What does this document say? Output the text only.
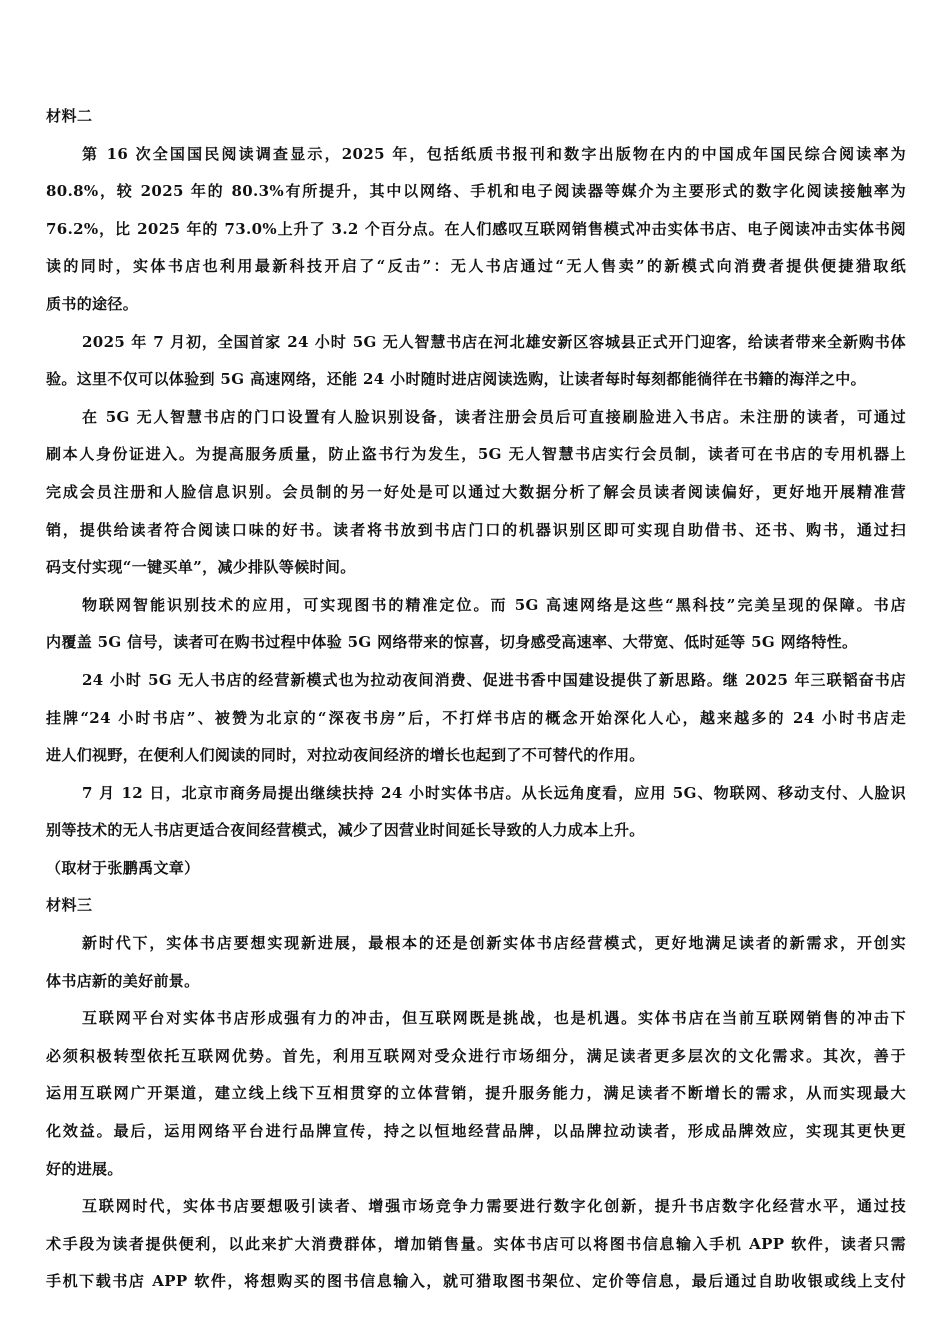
材料二
第 16 次全国国民阅读调查显示，2025 年，包括纸质书报刊和数字出版物在内的中国成年国民综合阅读率为
80.8%，较 2025 年的 80.3%有所提升，其中以网络、手机和电子阅读器等媒介为主要形式的数字化阅读接触率为
76.2%，比 2025 年的 73.0%上升了 3.2 个百分点。在人们感叹互联网销售模式冲击实体书店、电子阅读冲击实体书阅
读的同时，实体书店也利用最新科技开启了“反击”：无人书店通过“无人售卖”的新模式向消费者提供便捷猎取纸
质书的途径。
2025 年 7 月初，全国首家 24 小时 5G 无人智慧书店在河北雄安新区容城县正式开门迎客，给读者带来全新购书体
验。这里不仅可以体验到 5G 高速网络，还能 24 小时随时进店阅读选购，让读者每时每刻都能徜徉在书籍的海洋之中。
在 5G 无人智慧书店的门口设置有人脸识别设备，读者注册会员后可直接刷脸进入书店。未注册的读者，可通过
刷本人身份证进入。为提高服务质量，防止盗书行为发生，5G 无人智慧书店实行会员制，读者可在书店的专用机器上
完成会员注册和人脸信息识别。会员制的另一好处是可以通过大数据分析了解会员读者阅读偏好，更好地开展精准营
销，提供给读者符合阅读口味的好书。读者将书放到书店门口的机器识别区即可实现自助借书、还书、购书，通过扫
码支付实现“一键买单”，减少排队等候时间。
物联网智能识别技术的应用，可实现图书的精准定位。而 5G 高速网络是这些“黑科技”完美呈现的保障。书店
内覆盖 5G 信号，读者可在购书过程中体验 5G 网络带来的惊喜，切身感受高速率、大带宽、低时延等 5G 网络特性。
24 小时 5G 无人书店的经营新模式也为拉动夜间消费、促进书香中国建设提供了新思路。继 2025 年三联韬奋书店
挂牌“24 小时书店”、被赞为北京的“深夜书房”后，不打烊书店的概念开始深化人心，越来越多的 24 小时书店走
进人们视野，在便利人们阅读的同时，对拉动夜间经济的增长也起到了不可替代的作用。
7 月 12 日，北京市商务局提出继续扶持 24 小时实体书店。从长远角度看，应用 5G、物联网、移动支付、人脸识
别等技术的无人书店更适合夜间经营模式，减少了因营业时间延长导致的人力成本上升。
（取材于张鹏禹文章）
材料三
新时代下，实体书店要想实现新进展，最根本的还是创新实体书店经营模式，更好地满足读者的新需求，开创实
体书店新的美好前景。
互联网平台对实体书店形成强有力的冲击，但互联网既是挑战，也是机遇。实体书店在当前互联网销售的冲击下
必须积极转型依托互联网优势。首先，利用互联网对受众进行市场细分，满足读者更多层次的文化需求。其次，善于
运用互联网广开渠道，建立线上线下互相贯穿的立体营销，提升服务能力，满足读者不断增长的需求，从而实现最大
化效益。最后，运用网络平台进行品牌宣传，持之以恒地经营品牌，以品牌拉动读者，形成品牌效应，实现其更快更
好的进展。
互联网时代，实体书店要想吸引读者、增强市场竞争力需要进行数字化创新，提升书店数字化经营水平，通过技
术手段为读者提供便利，以此来扩大消费群体，增加销售量。实体书店可以将图书信息输入手机 APP 软件，读者只需
手机下载书店 APP 软件，将想购买的图书信息输入，就可猎取图书架位、定价等信息，最后通过自助收银或线上支付
